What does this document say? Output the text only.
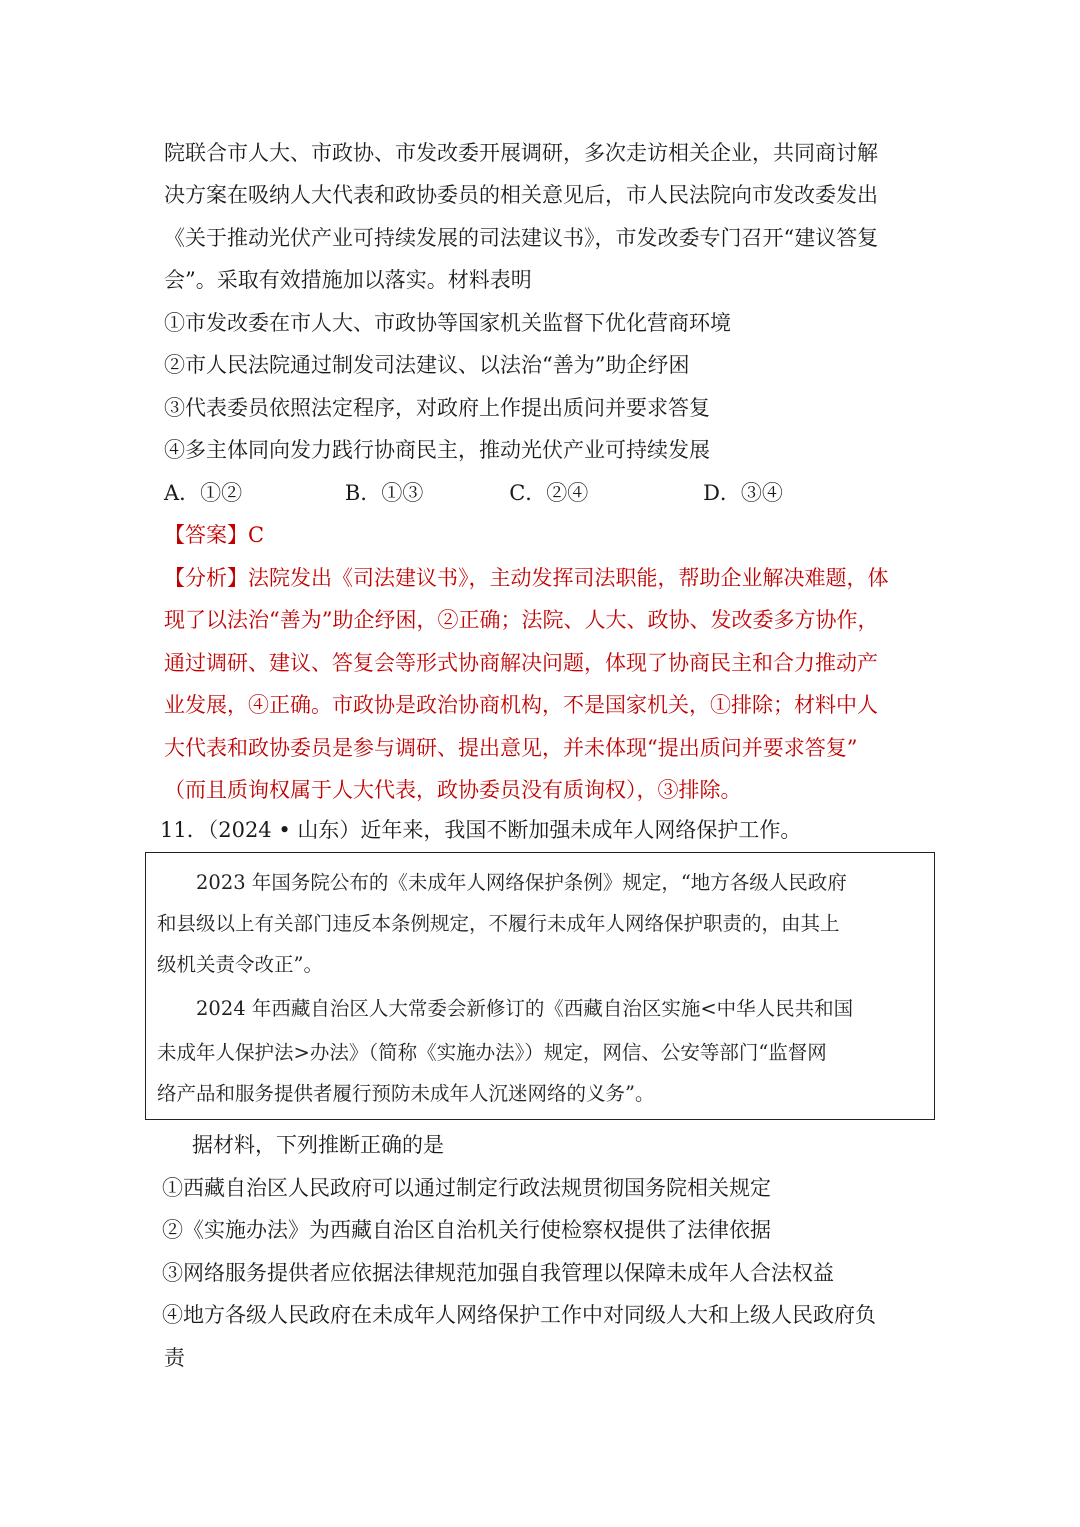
院联合市人大、市政协、市发改委开展调研，多次走访相关企业，共同商讨解
决方案在吸纳人大代表和政协委员的相关意见后，市人民法院向市发改委发出
《关于推动光伏产业可持续发展的司法建议书》，市发改委专门召开“建议答复
会”。采取有效措施加以落实。材料表明
①市发改委在市人大、市政协等国家机关监督下优化营商环境
②市人民法院通过制发司法建议、以法治“善为”助企纾困
③代表委员依照法定程序，对政府上作提出质问并要求答复
④多主体同向发力践行协商民主，推动光伏产业可持续发展
A．①②	B．①③	C．②④	D．③④
【答案】C
【分析】法院发出《司法建议书》，主动发挥司法职能，帮助企业解决难题，体
现了以法治“善为”助企纾困，②正确；法院、人大、政协、发改委多方协作，
通过调研、建议、答复会等形式协商解决问题，体现了协商民主和合力推动产
业发展，④正确。市政协是政治协商机构，不是国家机关，①排除；材料中人
大代表和政协委员是参与调研、提出意见，并未体现“提出质问并要求答复”
（而且质询权属于人大代表，政协委员没有质询权），③排除。
11．（2024 • 山东）近年来，我国不断加强未成年人网络保护工作。
　　2023 年国务院公布的《未成年人网络保护条例》规定，“地方各级人民政府
和县级以上有关部门违反本条例规定，不履行未成年人网络保护职责的，由其上
级机关责令改正”。
　　2024 年西藏自治区人大常委会新修订的《西藏自治区实施<中华人民共和国
未成年人保护法>办法》（简称《实施办法》）规定，网信、公安等部门“监督网
络产品和服务提供者履行预防未成年人沉迷网络的义务”。
据材料，下列推断正确的是
①西藏自治区人民政府可以通过制定行政法规贯彻国务院相关规定
②《实施办法》为西藏自治区自治机关行使检察权提供了法律依据
③网络服务提供者应依据法律规范加强自我管理以保障未成年人合法权益
④地方各级人民政府在未成年人网络保护工作中对同级人大和上级人民政府负
责
